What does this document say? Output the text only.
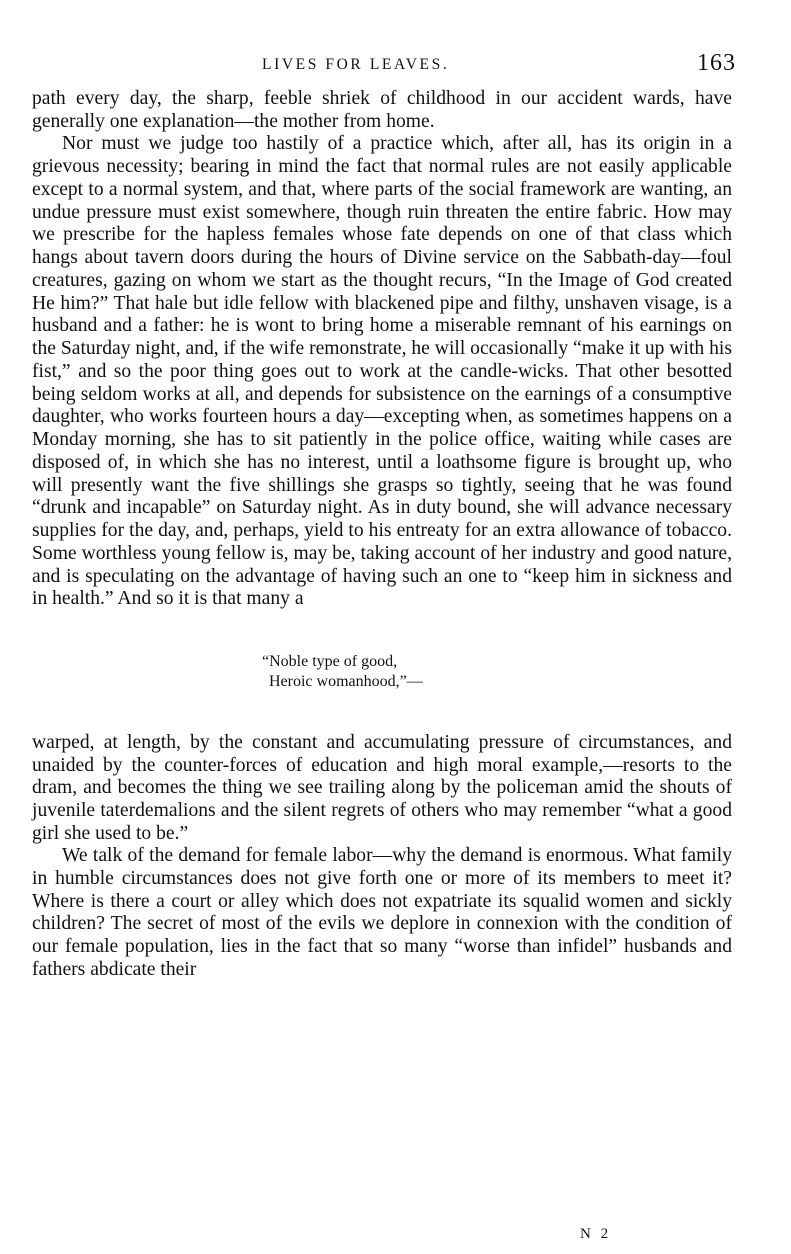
LIVES FOR LEAVES.	163

path every day, the sharp, feeble shriek of childhood in our accident wards, have generally one explanation—the mother from home.

Nor must we judge too hastily of a practice which, after all, has its origin in a grievous necessity; bearing in mind the fact that normal rules are not easily applicable except to a normal system, and that, where parts of the social framework are wanting, an undue pressure must exist somewhere, though ruin threaten the entire fabric. How may we prescribe for the hapless females whose fate depends on one of that class which hangs about tavern doors during the hours of Divine service on the Sabbath-day—foul creatures, gazing on whom we start as the thought recurs, “In the Image of God created He him?” That hale but idle fellow with blackened pipe and filthy, unshaven visage, is a husband and a father: he is wont to bring home a miserable remnant of his earnings on the Saturday night, and, if the wife remonstrate, he will occasionally “make it up with his fist,” and so the poor thing goes out to work at the candle-wicks. That other besotted being seldom works at all, and depends for subsistence on the earnings of a consumptive daughter, who works fourteen hours a day—excepting when, as sometimes happens on a Monday morning, she has to sit patiently in the police office, waiting while cases are disposed of, in which she has no interest, until a loathsome figure is brought up, who will presently want the five shillings she grasps so tightly, seeing that he was found “drunk and incapable” on Saturday night. As in duty bound, she will advance necessary supplies for the day, and, perhaps, yield to his entreaty for an extra allowance of tobacco. Some worthless young fellow is, may be, taking account of her industry and good nature, and is speculating on the advantage of having such an one to “keep him in sickness and in health.” And so it is that many a

“Noble type of good,
Heroic womanhood,”—

warped, at length, by the constant and accumulating pressure of circumstances, and unaided by the counter-forces of education and high moral example,—resorts to the dram, and becomes the thing we see trailing along by the policeman amid the shouts of juvenile taterdemalions and the silent regrets of others who may remember “what a good girl she used to be.”

We talk of the demand for female labor—why the demand is enormous. What family in humble circumstances does not give forth one or more of its members to meet it? Where is there a court or alley which does not expatriate its squalid women and sickly children? The secret of most of the evils we deplore in connexion with the condition of our female population, lies in the fact that so many “worse than infidel” husbands and fathers abdicate their

N 2
